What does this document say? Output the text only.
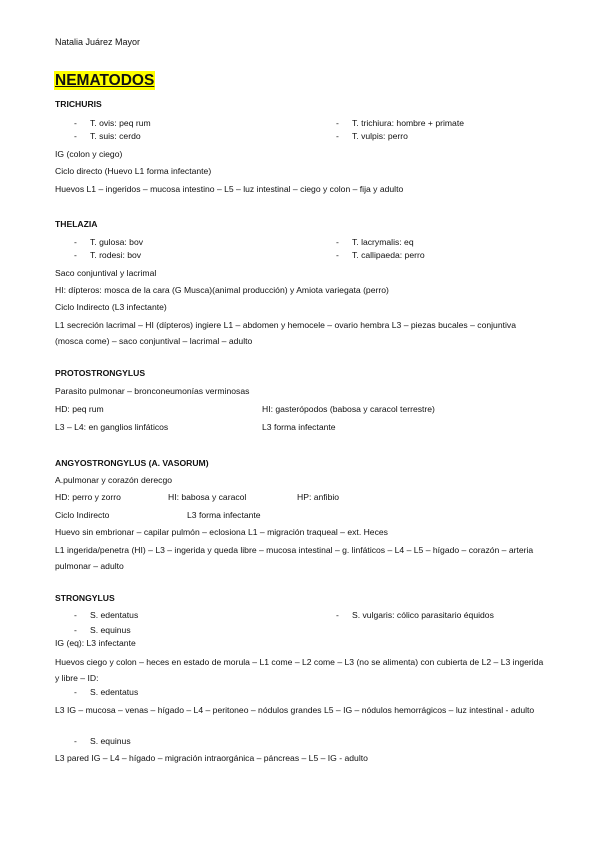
Natalia Juárez Mayor
NEMATODOS
TRICHURIS
- T. ovis: peq rum	- T. trichiura: hombre + primate
- T. suis: cerdo	- T. vulpis: perro
IG (colon y ciego)
Ciclo directo (Huevo L1 forma infectante)
Huevos L1 – ingeridos – mucosa intestino – L5 – luz intestinal – ciego y colon – fija y adulto
THELAZIA
- T. gulosa: bov	- T. lacrymalis: eq
- T. rodesi: bov	- T. callipaeda: perro
Saco conjuntival y lacrimal
HI: dípteros: mosca de la cara (G Musca)(animal producción) y Amiota variegata (perro)
Ciclo Indirecto (L3 infectante)
L1 secreción lacrimal – HI (dípteros) ingiere L1 – abdomen y hemocele – ovario hembra L3 – piezas bucales – conjuntiva (mosca come) – saco conjuntival – lacrimal – adulto
PROTOSTRONGYLUS
Parasito pulmonar – bronconeumonías verminosas
HD: peq rum	HI: gasterópodos (babosa y caracol terrestre)
L3 – L4: en ganglios linfáticos	L3 forma infectante
ANGYOSTRONGYLUS (A. VASORUM)
A.pulmonar y corazón derecgo
HD: perro y zorro	HI: babosa y caracol	HP: anfibio
Ciclo Indirecto	L3 forma infectante
Huevo sin embrionar – capilar pulmón – eclosiona L1 – migración traqueal – ext. Heces
L1 ingerida/penetra (HI) – L3 – ingerida y queda libre – mucosa intestinal – g. linfáticos – L4 – L5 – hígado – corazón – arteria pulmonar – adulto
STRONGYLUS
- S. edentatus	- S. vulgaris: cólico parasitario équidos
- S. equinus
IG (eq): L3 infectante
Huevos ciego y colon – heces en estado de morula – L1 come – L2 come – L3 (no se alimenta) con cubierta de L2 – L3 ingerida y libre – ID:
- S. edentatus
L3 IG – mucosa – venas – hígado – L4 – peritoneo – nódulos grandes L5 – IG – nódulos hemorrágicos – luz intestinal - adulto
- S. equinus
L3 pared IG – L4 – hígado – migración intraorgánica – páncreas – L5 – IG - adulto
